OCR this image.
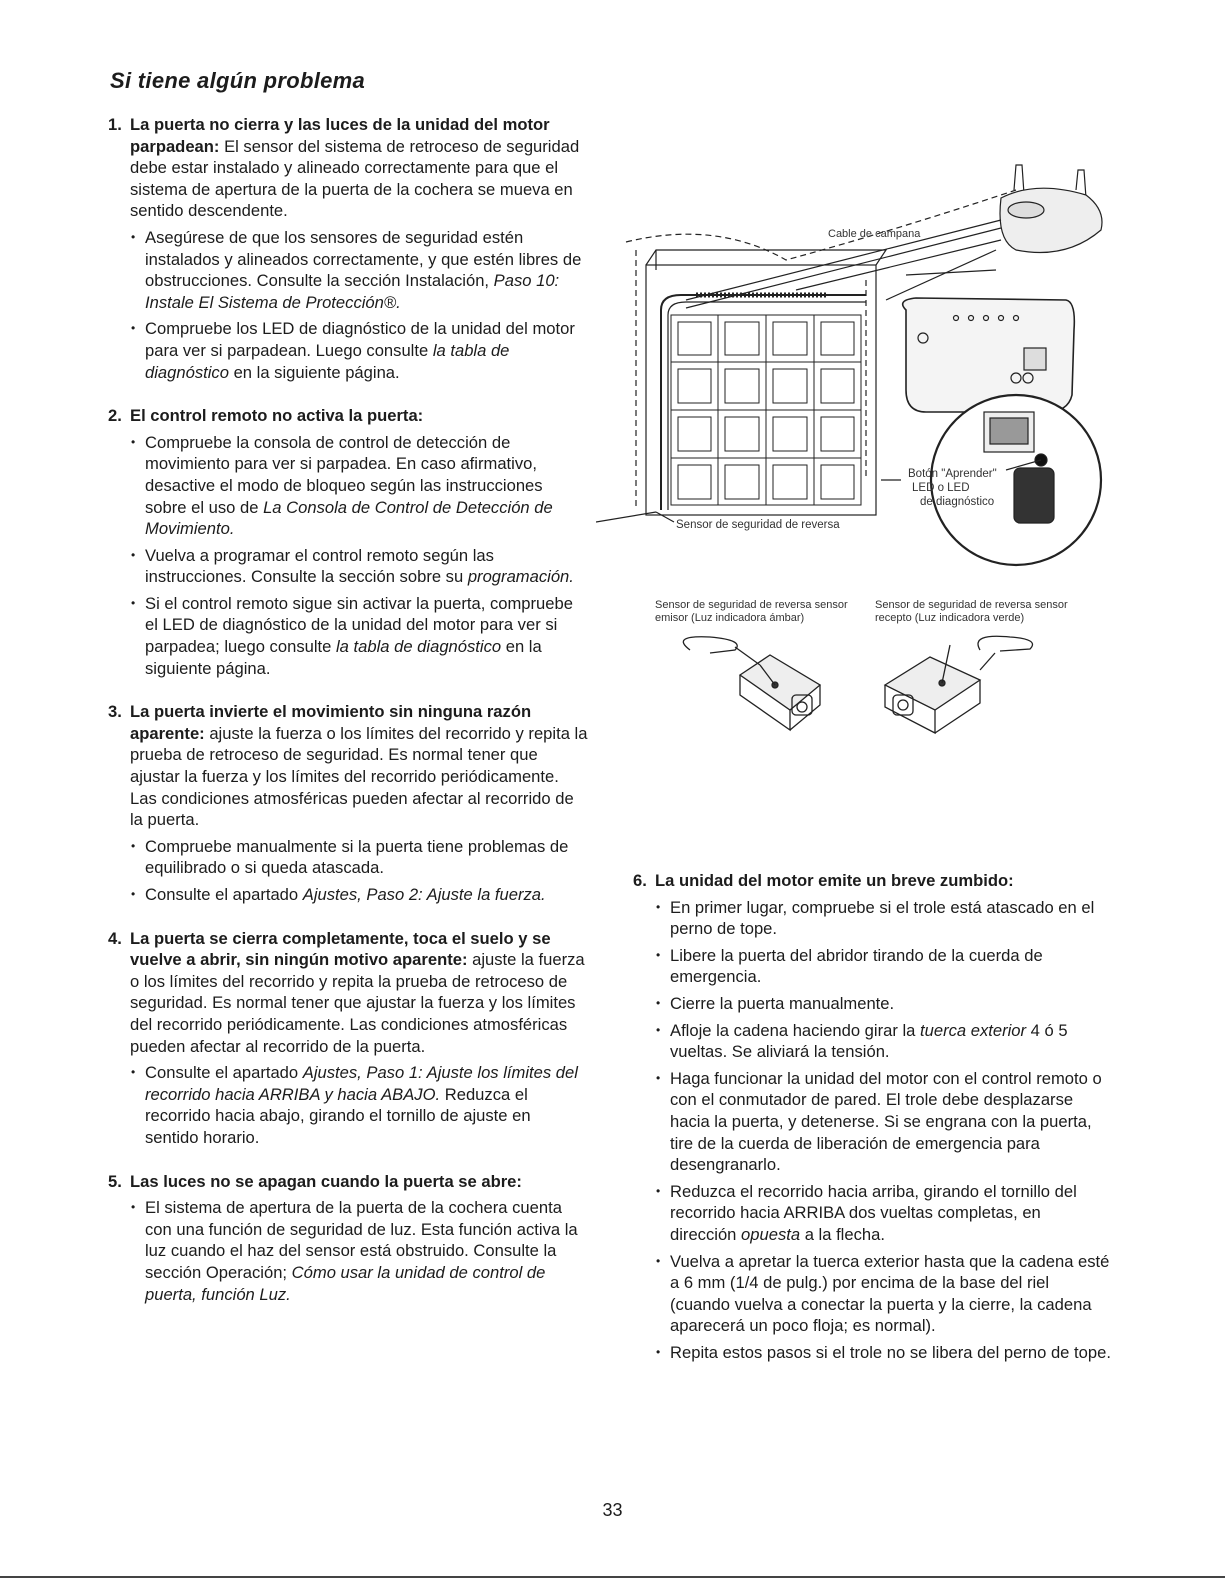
Si tiene algún problema
1. La puerta no cierra y las luces de la unidad del motor parpadean: El sensor del sistema de retroceso de seguridad debe estar instalado y alineado correctamente para que el sistema de apertura de la puerta de la cochera se mueva en sentido descendente.

• Asegúrese de que los sensores de seguridad estén instalados y alineados correctamente, y que estén libres de obstrucciones. Consulte la sección Instalación, Paso 10: Instale El Sistema de Protección®.
• Compruebe los LED de diagnóstico de la unidad del motor para ver si parpadean. Luego consulte la tabla de diagnóstico en la siguiente página.
2. El control remoto no activa la puerta:

• Compruebe la consola de control de detección de movimiento para ver si parpadea. En caso afirmativo, desactive el modo de bloqueo según las instrucciones sobre el uso de La Consola de Control de Detección de Movimiento.
• Vuelva a programar el control remoto según las instrucciones. Consulte la sección sobre su programación.
• Si el control remoto sigue sin activar la puerta, compruebe el LED de diagnóstico de la unidad del motor para ver si parpadea; luego consulte la tabla de diagnóstico en la siguiente página.
3. La puerta invierte el movimiento sin ninguna razón aparente: ajuste la fuerza o los límites del recorrido y repita la prueba de retroceso de seguridad. Es normal tener que ajustar la fuerza y los límites del recorrido periódicamente. Las condiciones atmosféricas pueden afectar al recorrido de la puerta.

• Compruebe manualmente si la puerta tiene problemas de equilibrado o si queda atascada.
• Consulte el apartado Ajustes, Paso 2: Ajuste la fuerza.
4. La puerta se cierra completamente, toca el suelo y se vuelve a abrir, sin ningún motivo aparente: ajuste la fuerza o los límites del recorrido y repita la prueba de retroceso de seguridad. Es normal tener que ajustar la fuerza y los límites del recorrido periódicamente. Las condiciones atmosféricas pueden afectar al recorrido de la puerta.

• Consulte el apartado Ajustes, Paso 1: Ajuste los límites del recorrido hacia ARRIBA y hacia ABAJO. Reduzca el recorrido hacia abajo, girando el tornillo de ajuste en sentido horario.
5. Las luces no se apagan cuando la puerta se abre:

• El sistema de apertura de la puerta de la cochera cuenta con una función de seguridad de luz. Esta función activa la luz cuando el haz del sensor está obstruido. Consulte la sección Operación; Cómo usar la unidad de control de puerta, función Luz.
6. La unidad del motor emite un breve zumbido:

• En primer lugar, compruebe si el trole está atascado en el perno de tope.
• Libere la puerta del abridor tirando de la cuerda de emergencia.
• Cierre la puerta manualmente.
• Afloje la cadena haciendo girar la tuerca exterior 4 ó 5 vueltas. Se aliviará la tensión.
• Haga funcionar la unidad del motor con el control remoto o con el conmutador de pared. El trole debe desplazarse hacia la puerta, y detenerse. Si se engrana con la puerta, tire de la cuerda de liberación de emergencia para desengranarlo.
• Reduzca el recorrido hacia arriba, girando el tornillo del recorrido hacia ARRIBA dos vueltas completas, en dirección opuesta a la flecha.
• Vuelva a apretar la tuerca exterior hasta que la cadena esté a 6 mm (1/4 de pulg.) por encima de la base del riel (cuando vuelva a conectar la puerta y la cierre, la cadena aparecerá un poco floja; es normal).
• Repita estos pasos si el trole no se libera del perno de tope.
Cable de campana
Botón "Aprender"
LED o LED
de diagnóstico
Sensor de seguridad de reversa
Sensor de seguridad de reversa sensor
emisor (Luz indicadora ámbar)
Sensor de seguridad de reversa sensor
recepto (Luz indicadora verde)
33
